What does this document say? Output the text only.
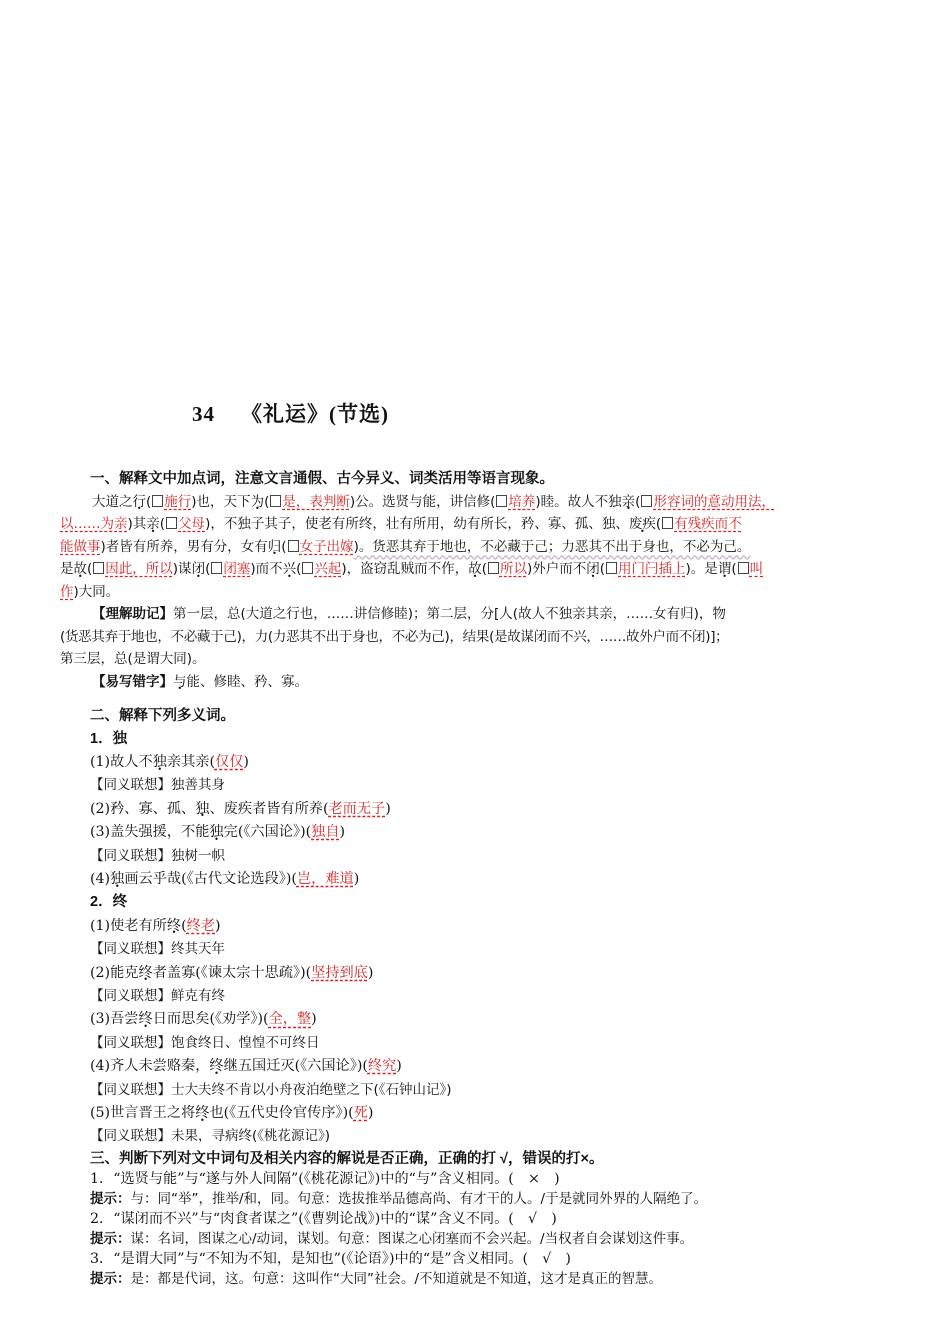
34 《礼运》(节选)
一、解释文中加点词，注意文言通假、古今异义、词类活用等语言现象。
大道之行( 施行)也，天下为( 是，表判断)公。选贤与能，讲信修( 培养)睦。故人不独亲( 形容词的意动用法，
以……为亲)其亲( 父母)，不独子其子，使老有所终，壮有所用，幼有所长，矜、寡、孤、独、废疾( 有残疾而不
能做事)者皆有所养，男有分，女有归( 女子出嫁)。货恶其弃于地也，不必藏于己；力恶其不出于身也，不必为己。
是故( 因此，所以)谋闭( 闭塞)而不兴( 兴起)，盗窃乱贼而不作，故( 所以)外户而不闭( 用门闩插上)。是谓( 叫
作)大同。
【理解助记】第一层，总(大道之行也，……讲信修睦)；第二层，分[人(故人不独亲其亲，……女有归)，物
(货恶其弃于地也，不必藏于己)，力(力恶其不出于身也，不必为己)，结果(是故谋闭而不兴，……故外户而不闭)]；
第三层，总(是谓大同)。
【易写错字】与能、修睦、矜、寡。
二、解释下列多义词。
1．独
(1)故人不独亲其亲(仅仅)
【同义联想】独善其身
(2)矜、寡、孤、独、废疾者皆有所养(老而无子)
(3)盖失强援，不能独完(《六国论》)(独自)
【同义联想】独树一帜
(4)独画云乎哉(《古代文论选段》)(岂，难道)
2．终
(1)使老有所终(终老)
【同义联想】终其天年
(2)能克终者盖寡(《谏太宗十思疏》)(坚持到底)
【同义联想】鲜克有终
(3)吾尝终日而思矣(《劝学》)(全，整)
【同义联想】饱食终日、惶惶不可终日
(4)齐人未尝赂秦，终继五国迁灭(《六国论》)(终究)
【同义联想】士大夫终不肯以小舟夜泊绝壁之下(《石钟山记》)
(5)世言晋王之将终也(《五代史伶官传序》)(死)
【同义联想】未果，寻病终(《桃花源记》)
三、判断下列对文中词句及相关内容的解说是否正确，正确的打 √，错误的打×。
1．“选贤与能”与“遂与外人间隔”(《桃花源记》)中的“与”含义相同。(　×　)
提示：与：同“举”，推举/和，同。句意：选拔推举品德高尚、有才干的人。/于是就同外界的人隔绝了。
2．“谋闭而不兴”与“肉食者谋之”(《曹刿论战》)中的“谋”含义不同。(　√　)
提示：谋：名词，图谋之心/动词，谋划。句意：图谋之心闭塞而不会兴起。/当权者自会谋划这件事。
3．“是谓大同”与“不知为不知，是知也”(《论语》)中的“是”含义相同。(　√　)
提示：是：都是代词，这。句意：这叫作“大同”社会。/不知道就是不知道，这才是真正的智慧。
